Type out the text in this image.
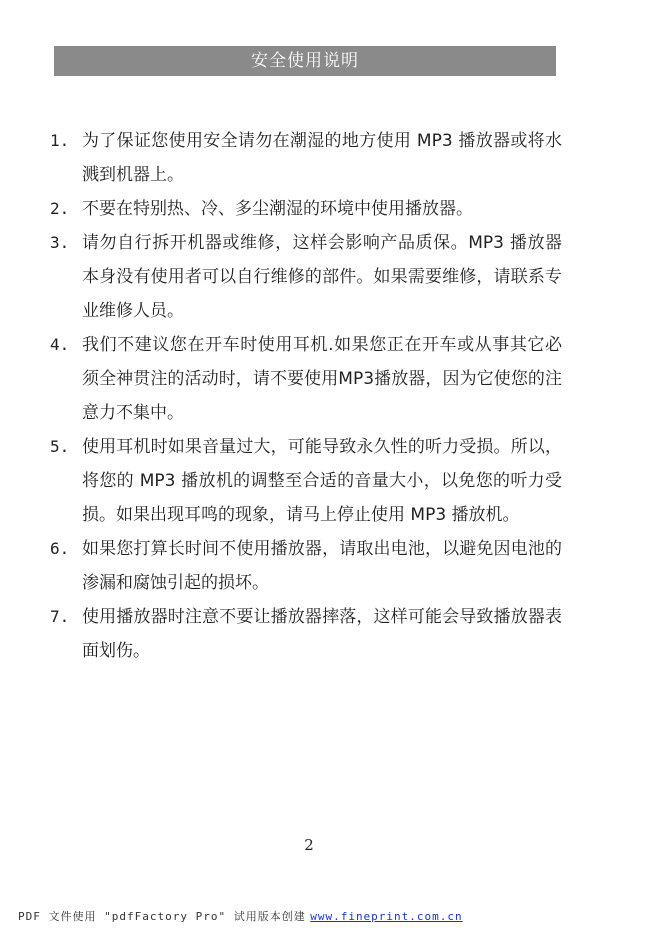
安全使用说明
1. 为了保证您使用安全请勿在潮湿的地方使用 MP3 播放器或将水溅到机器上。
2. 不要在特别热、冷、多尘潮湿的环境中使用播放器。
3. 请勿自行拆开机器或维修，这样会影响产品质保。MP3 播放器本身没有使用者可以自行维修的部件。如果需要维修，请联系专业维修人员。
4. 我们不建议您在开车时使用耳机.如果您正在开车或从事其它必须全神贯注的活动时，请不要使用MP3播放器，因为它使您的注意力不集中。
5. 使用耳机时如果音量过大，可能导致永久性的听力受损。所以，将您的 MP3 播放机的调整至合适的音量大小，以免您的听力受损。如果出现耳鸣的现象，请马上停止使用 MP3 播放机。
6. 如果您打算长时间不使用播放器，请取出电池，以避免因电池的渗漏和腐蚀引起的损坏。
7. 使用播放器时注意不要让播放器摔落，这样可能会导致播放器表面划伤。
2
PDF 文件使用 "pdfFactory Pro" 试用版本创建 www.fineprint.com.cn
